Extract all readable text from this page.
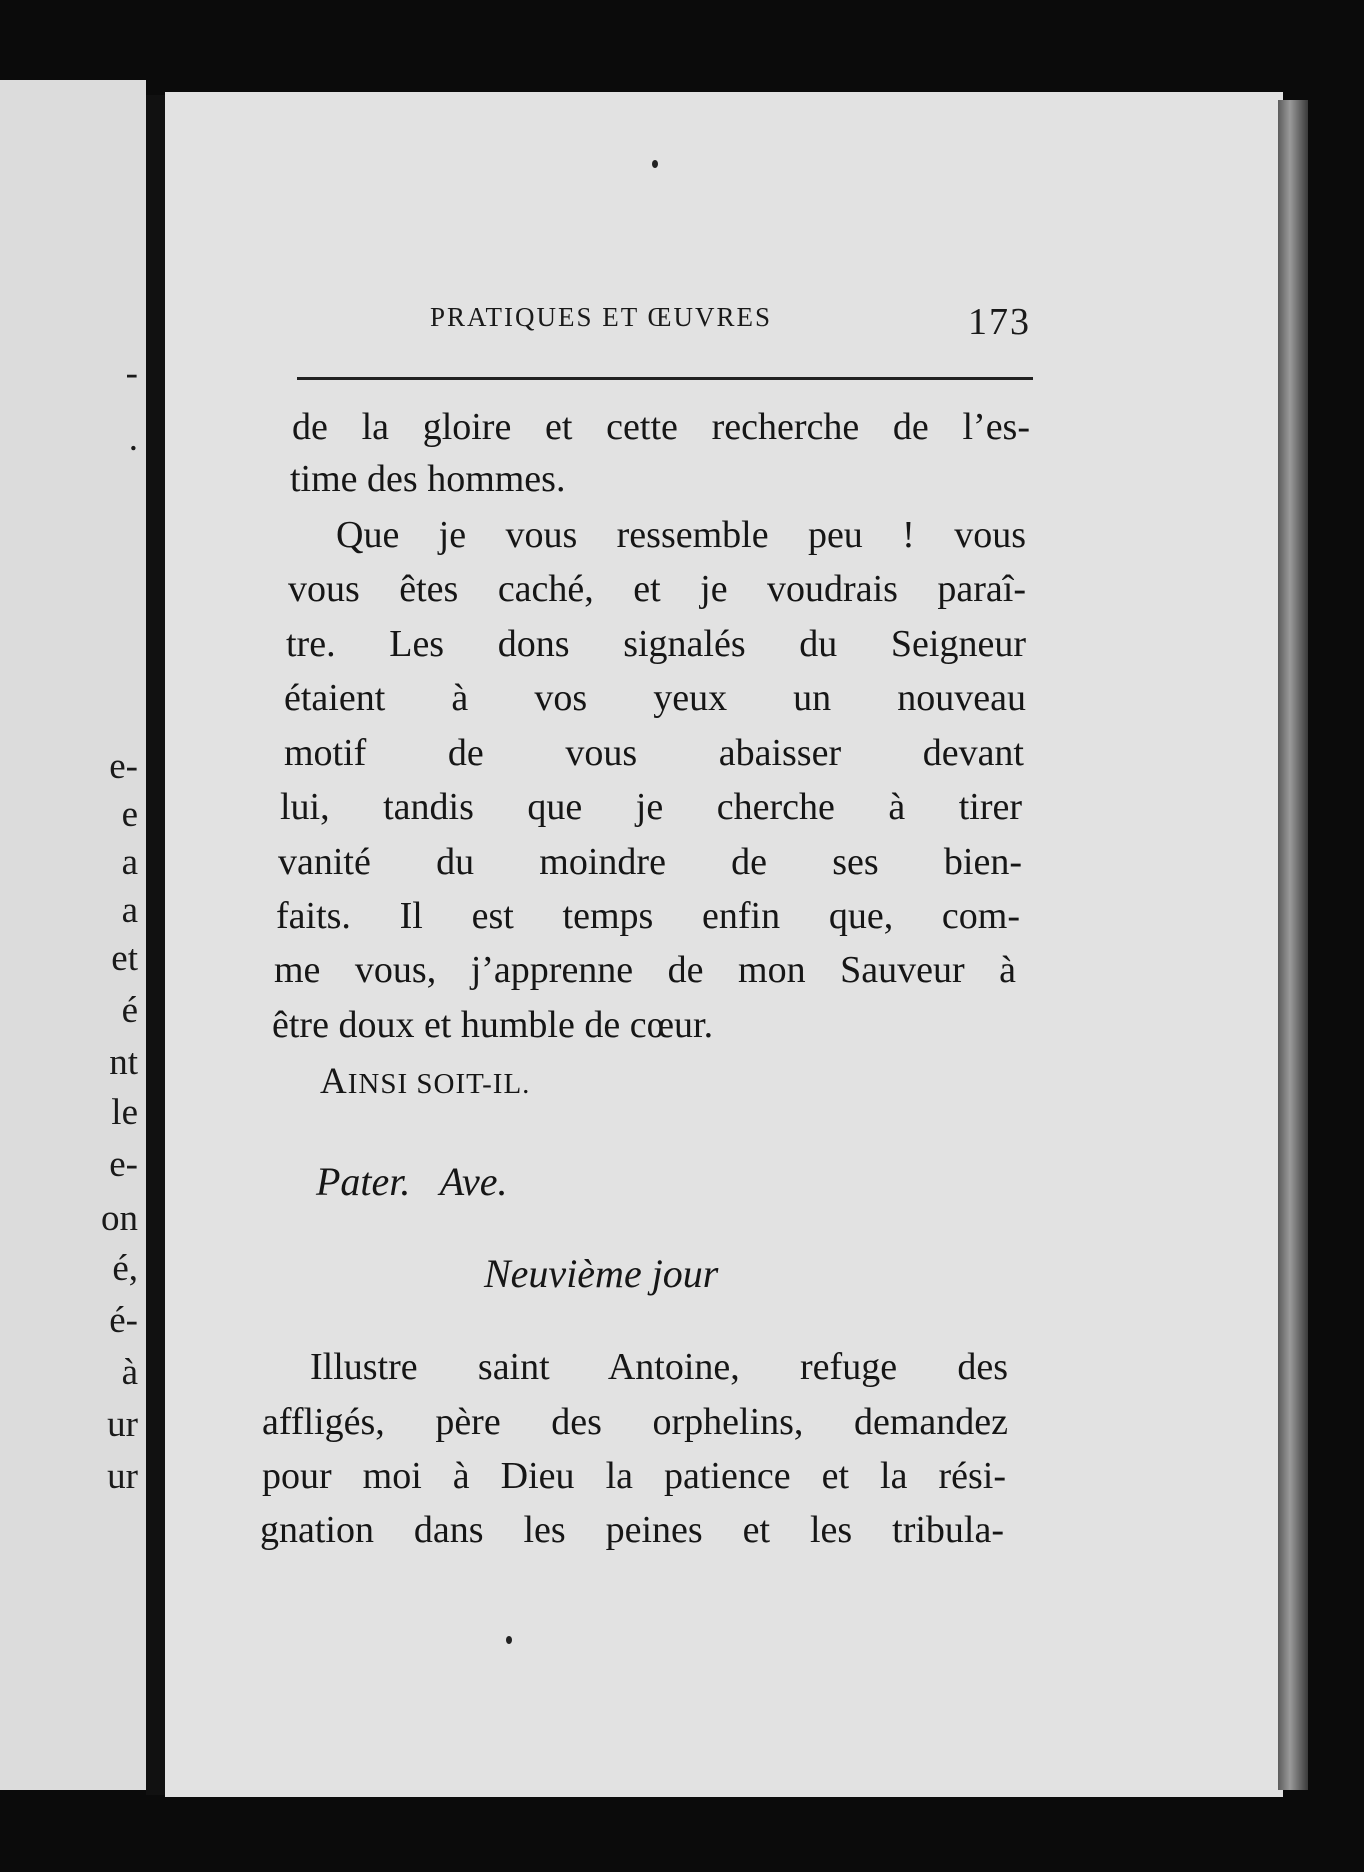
-
.
e-
e
a
a
et
é
nt
le
e-
on
é,
é-
à
ur
ur
PRATIQUES ET ŒUVRES	173
de la gloire et cette recherche de l’es-
time des hommes.
Que je vous ressemble peu ! vous
vous êtes caché, et je voudrais paraî-
tre. Les dons signalés du Seigneur
étaient à vos yeux un nouveau
motif de vous abaisser devant
lui, tandis que je cherche à tirer
vanité du moindre de ses bien-
faits. Il est temps enfin que, com-
me vous, j’apprenne de mon Sauveur à
être doux et humble de cœur.
AINSI SOIT-IL.
Pater. Ave.
Neuvième jour
Illustre saint Antoine, refuge des
affligés, père des orphelins, demandez
pour moi à Dieu la patience et la rési-
gnation dans les peines et les tribula-
